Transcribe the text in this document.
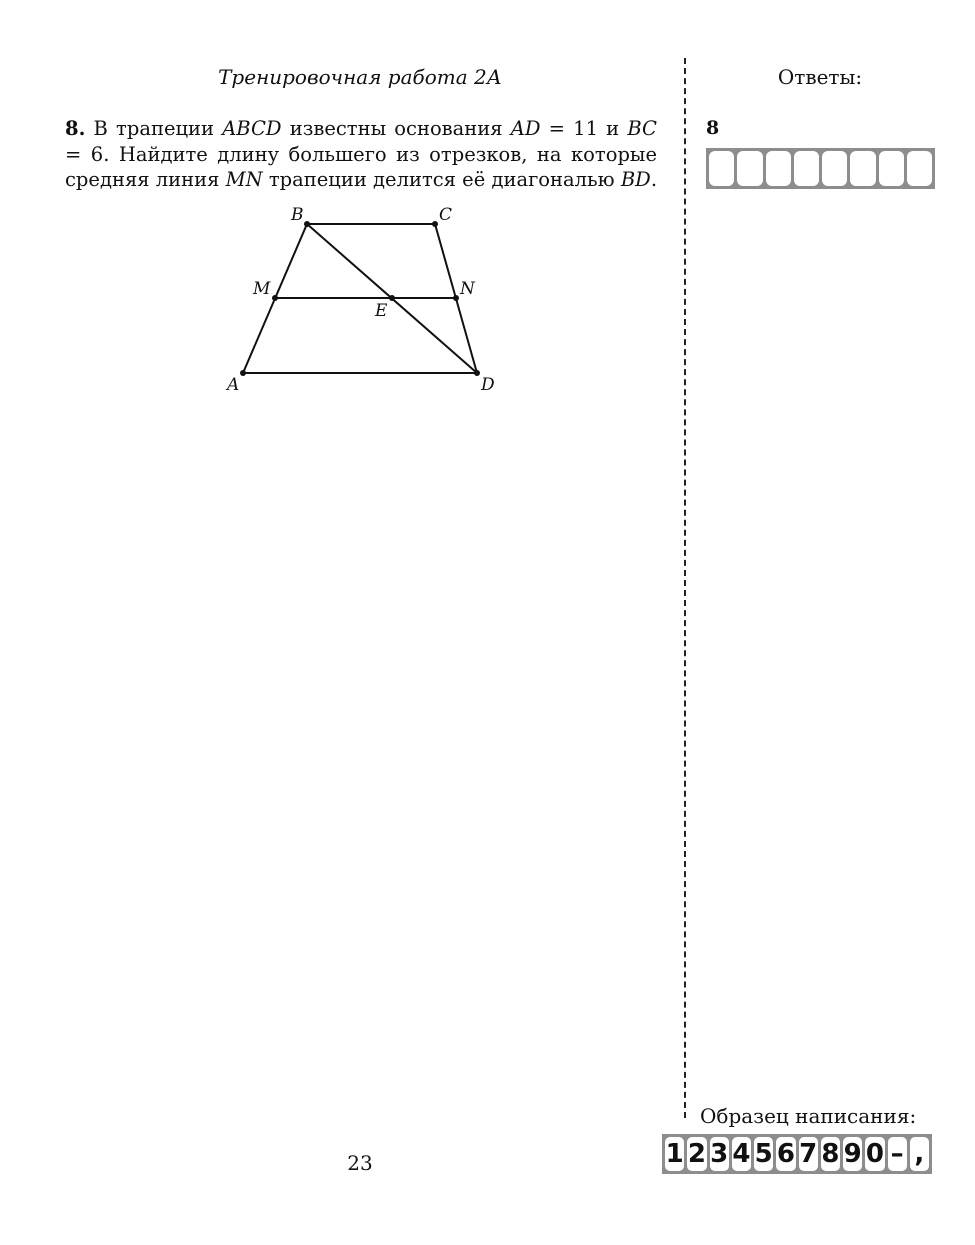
Тренировочная работа 2А	Ответы:
8. В трапеции ABCD известны основания AD = 11 и BC = 6. Найдите длину большего из отрезков, на которые средняя линия MN трапеции делится её диагональю BD.
B	C
M	N
E
A	D
8
Образец написания:
1 2 3 4 5 6 7 8 9 0 – ,
23
